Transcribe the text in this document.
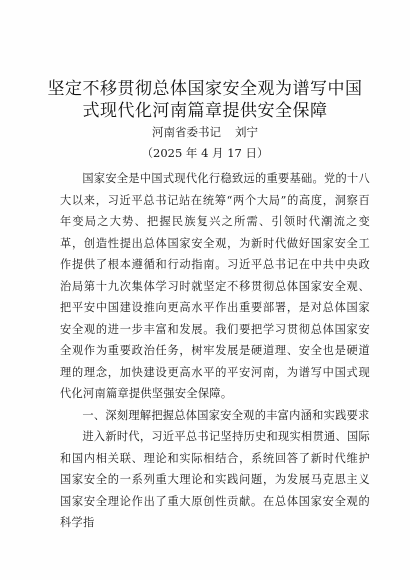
坚定不移贯彻总体国家安全观为谱写中国式现代化河南篇章提供安全保障

河南省委书记 刘宁

（2025 年 4 月 17 日）

国家安全是中国式现代化行稳致远的重要基础。党的十八大以来，习近平总书记站在统筹“两个大局”的高度，洞察百年变局之大势、把握民族复兴之所需、引领时代潮流之变革，创造性提出总体国家安全观，为新时代做好国家安全工作提供了根本遵循和行动指南。习近平总书记在中共中央政治局第十九次集体学习时就坚定不移贯彻总体国家安全观、把平安中国建设推向更高水平作出重要部署，是对总体国家安全观的进一步丰富和发展。我们要把学习贯彻总体国家安全观作为重要政治任务，树牢发展是硬道理、安全也是硬道理的理念，加快建设更高水平的平安河南，为谱写中国式现代化河南篇章提供坚强安全保障。

一、深刻理解把握总体国家安全观的丰富内涵和实践要求

进入新时代，习近平总书记坚持历史和现实相贯通、国际和国内相关联、理论和实际相结合，系统回答了新时代维护国家安全的一系列重大理论和实践问题，为发展马克思主义国家安全理论作出了重大原创性贡献。在总体国家安全观的科学指
